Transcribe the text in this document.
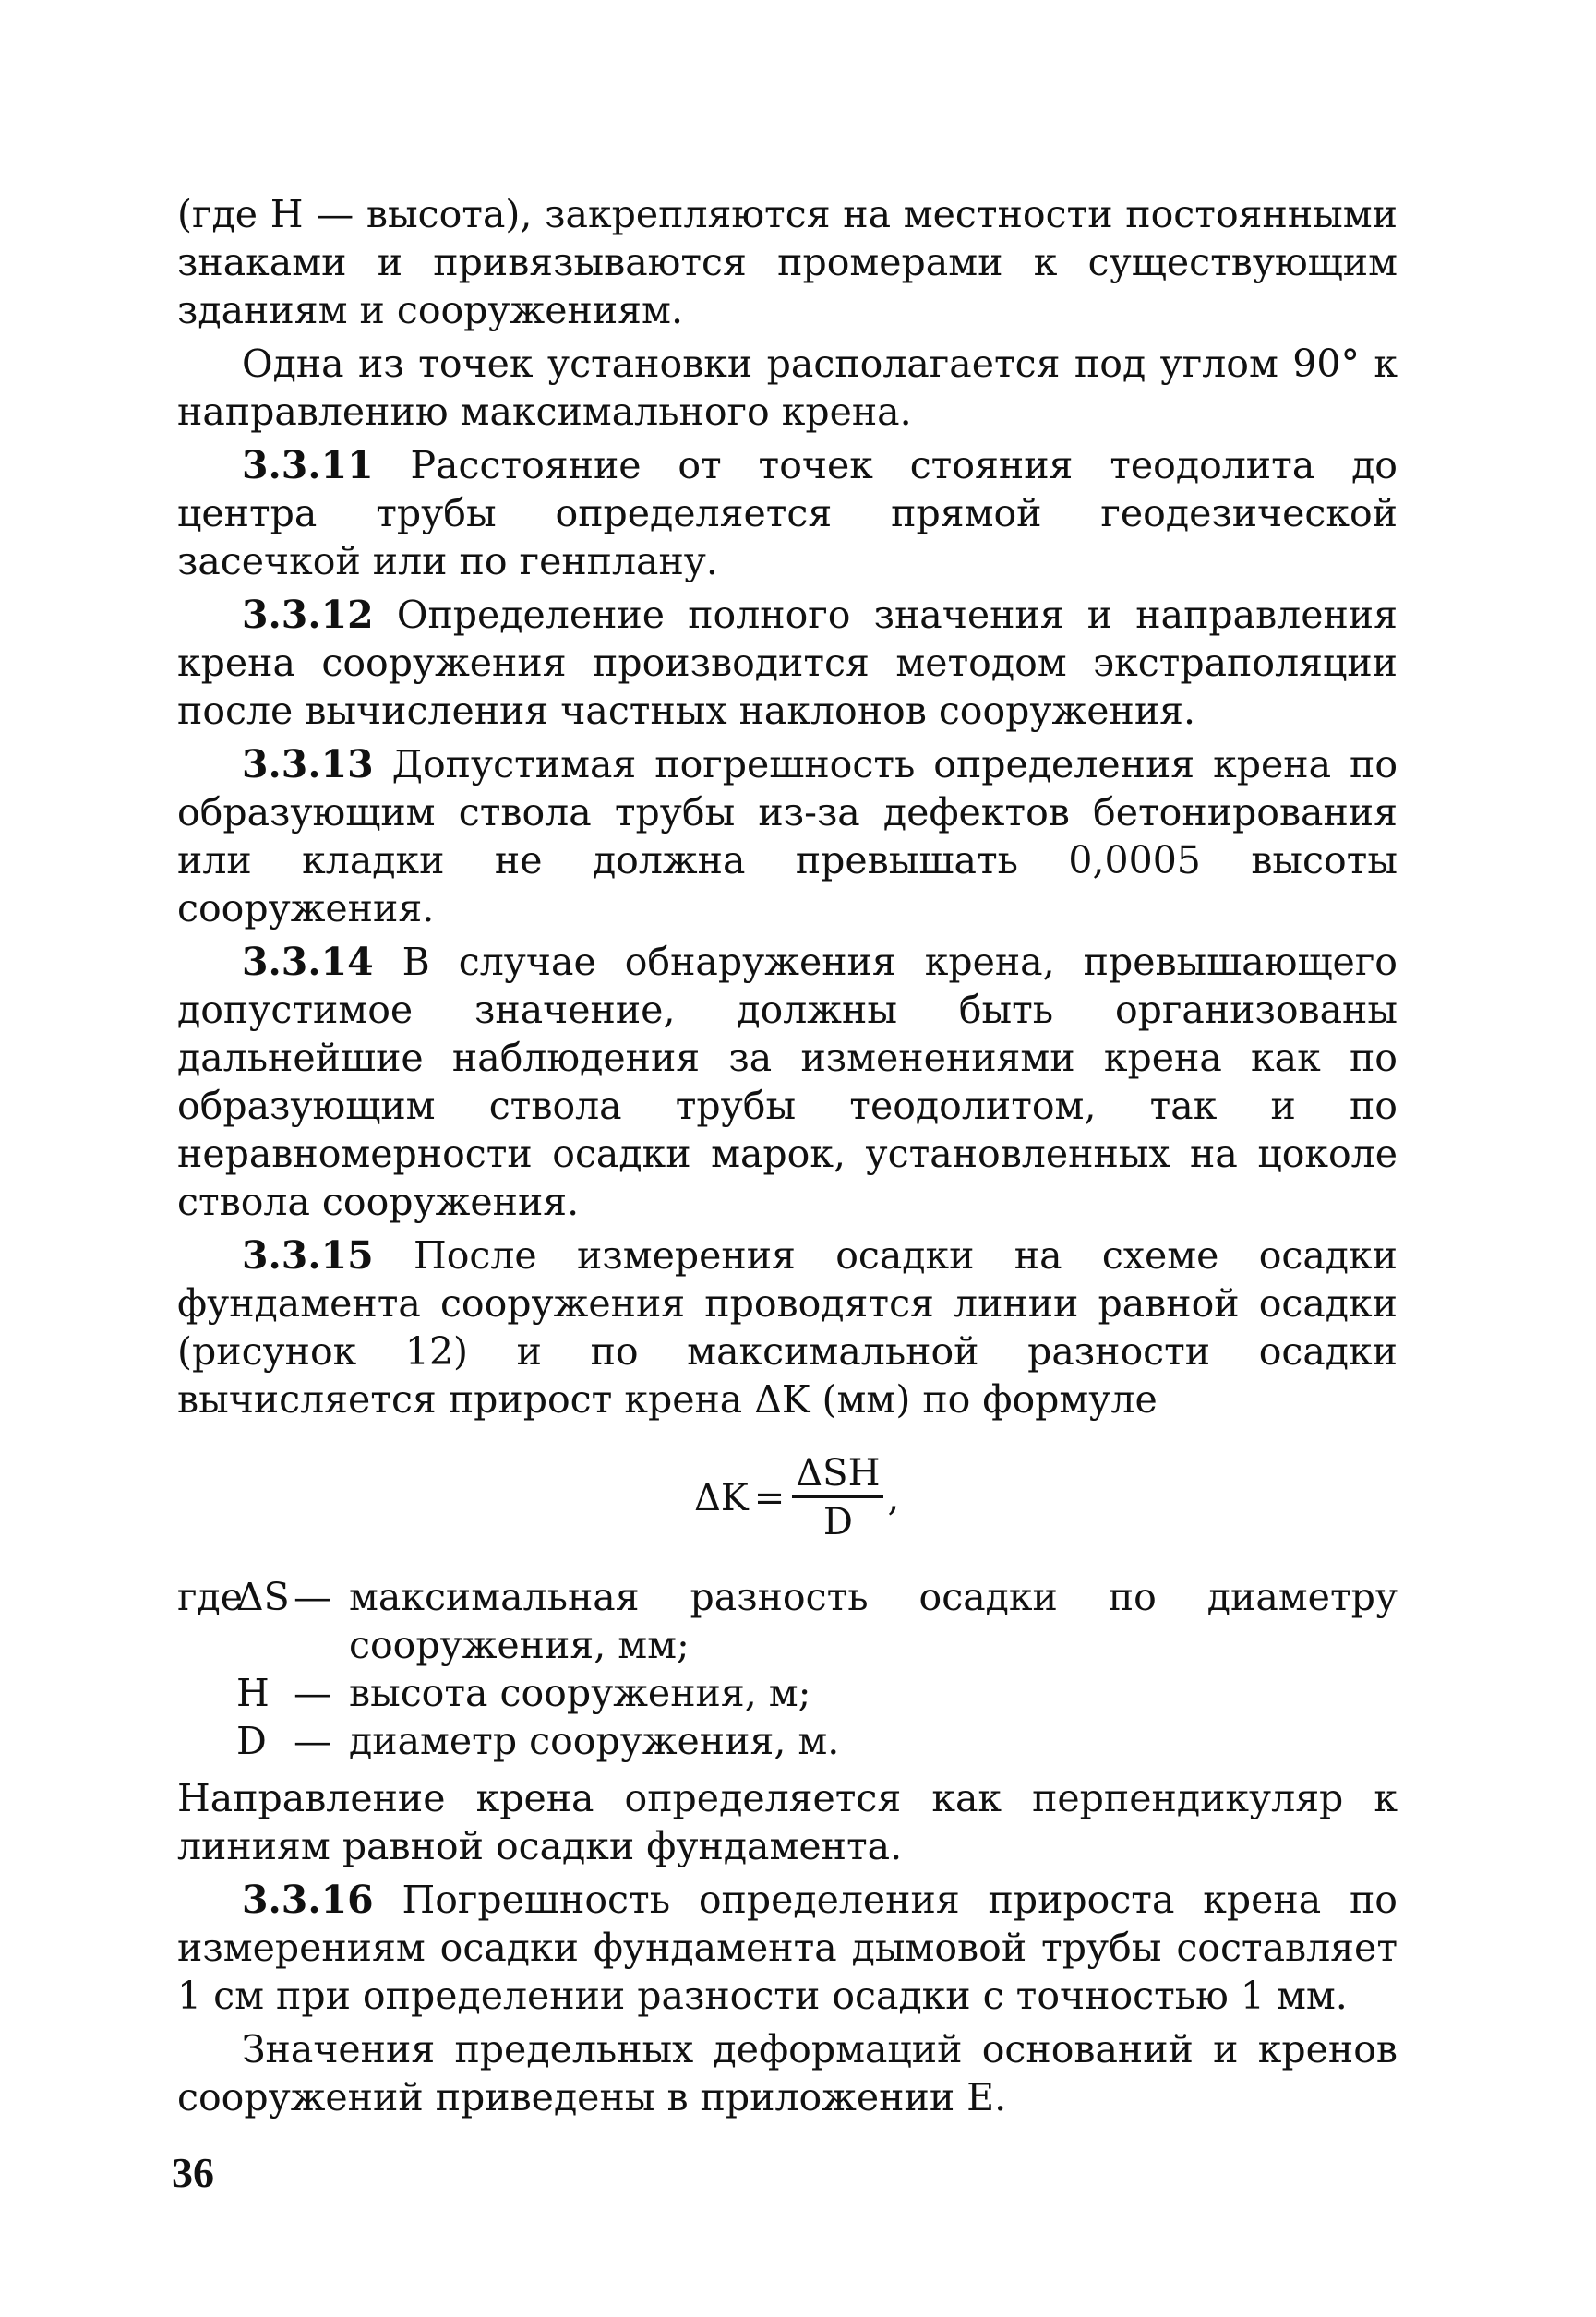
(где H — высота), закрепляются на местности постоянными знаками и привязываются промерами к существующим зданиям и сооружениям.

Одна из точек установки располагается под углом 90° к направлению максимального крена.

3.3.11 Расстояние от точек стояния теодолита до центра трубы определяется прямой геодезической засечкой или по генплану.

3.3.12 Определение полного значения и направления крена сооружения производится методом экстраполяции после вычисления частных наклонов сооружения.

3.3.13 Допустимая погрешность определения крена по образующим ствола трубы из-за дефектов бетонирования или кладки не должна превышать 0,0005 высоты сооружения.

3.3.14 В случае обнаружения крена, превышающего допустимое значение, должны быть организованы дальнейшие наблюдения за изменениями крена как по образующим ствола трубы теодолитом, так и по неравномерности осадки марок, установленных на цоколе ствола сооружения.

3.3.15 После измерения осадки на схеме осадки фундамента сооружения проводятся линии равной осадки (рисунок 12) и по максимальной разности осадки вычисляется прирост крена ΔK (мм) по формуле

$\Delta K = \frac{\text{ΔSH}}{D}$ ,
где
ΔS — максимальная разность осадки по диаметру сооружения, мм;
H — высота сооружения, м;
D — диаметр сооружения, м.

Направление крена определяется как перпендикуляр к линиям равной осадки фундамента.

3.3.16 Погрешность определения прироста крена по измерениям осадки фундамента дымовой трубы составляет 1 см при определении разности осадки с точностью 1 мм.

Значения предельных деформаций оснований и кренов сооружений приведены в приложении Е.

36
